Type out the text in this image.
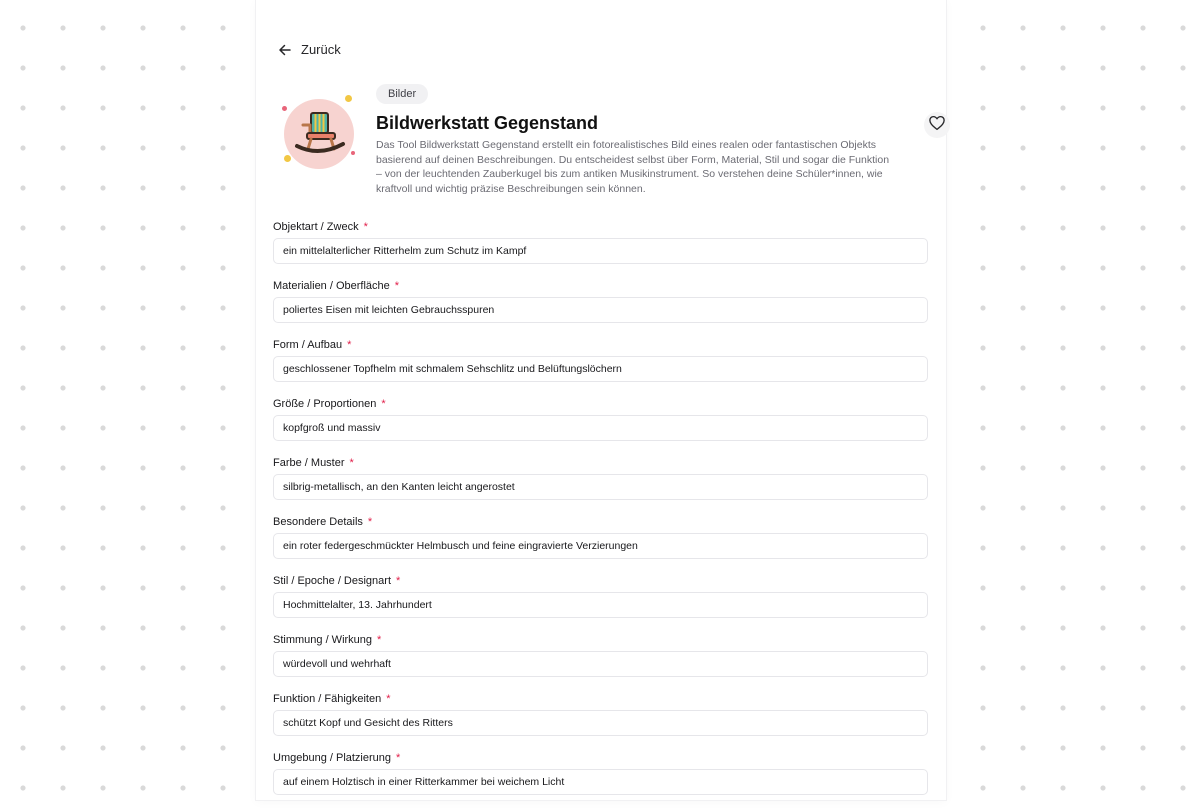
Zurück
Bilder
Bildwerkstatt Gegenstand

Das Tool Bildwerkstatt Gegenstand erstellt ein fotorealistisches Bild eines realen oder fantastischen Objekts basierend auf deinen Beschreibungen. Du entscheidest selbst über Form, Material, Stil und sogar die Funktion – von der leuchtenden Zauberkugel bis zum antiken Musikinstrument. So verstehen deine Schüler*innen, wie kraftvoll und wichtig präzise Beschreibungen sein können.

Objektart / Zweck *
ein mittelalterlicher Ritterhelm zum Schutz im Kampf
Materialien / Oberfläche *
poliertes Eisen mit leichten Gebrauchsspuren
Form / Aufbau *
geschlossener Topfhelm mit schmalem Sehschlitz und Belüftungslöchern
Größe / Proportionen *
kopfgroß und massiv
Farbe / Muster *
silbrig-metallisch, an den Kanten leicht angerostet
Besondere Details *
ein roter federgeschmückter Helmbusch und feine eingravierte Verzierungen
Stil / Epoche / Designart *
Hochmittelalter, 13. Jahrhundert
Stimmung / Wirkung *
würdevoll und wehrhaft
Funktion / Fähigkeiten *
schützt Kopf und Gesicht des Ritters
Umgebung / Platzierung *
auf einem Holztisch in einer Ritterkammer bei weichem Licht
